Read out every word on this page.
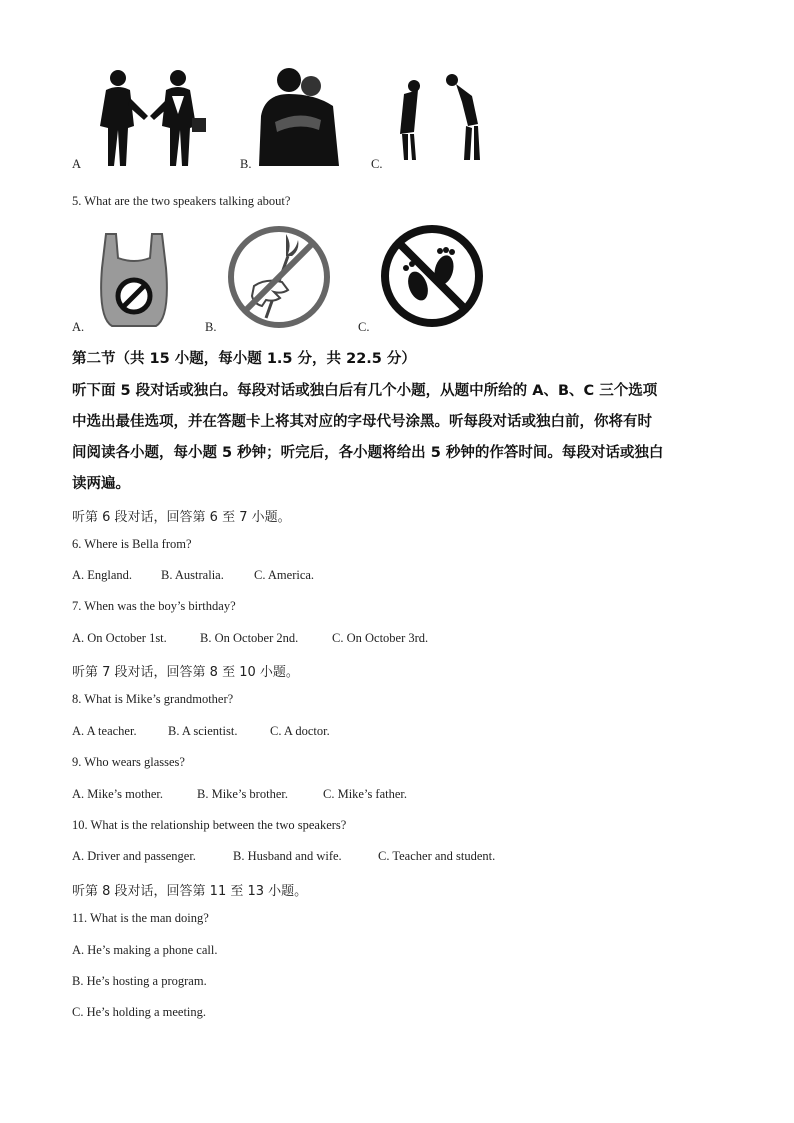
A	B.	C.
5. What are the two speakers talking about?
A.	B.	C.
第二节（共 15 小题，每小题 1.5 分，共 22.5 分）
听下面 5 段对话或独白。每段对话或独白后有几个小题，从题中所给的 A、B、C 三个选项
中选出最佳选项，并在答题卡上将其对应的字母代号涂黑。听每段对话或独白前，你将有时
间阅读各小题，每小题 5 秒钟；听完后，各小题将给出 5 秒钟的作答时间。每段对话或独白
读两遍。
听第 6 段对话，回答第 6 至 7 小题。
6. Where is Bella from?
A. England. B. Australia. C. America.
7. When was the boy’s birthday?
A. On October 1st.	B. On October 2nd.	C. On October 3rd.
听第 7 段对话，回答第 8 至 10 小题。
8. What is Mike’s grandmother?
A. A teacher.	B. A scientist.	C. A doctor.
9. Who wears glasses?
A. Mike’s mother.	B. Mike’s brother.	C. Mike’s father.
10. What is the relationship between the two speakers?
A. Driver and passenger.	B. Husband and wife.	C. Teacher and student.
听第 8 段对话，回答第 11 至 13 小题。
11. What is the man doing?
A. He’s making a phone call.
B. He’s hosting a program.
C. He’s holding a meeting.
